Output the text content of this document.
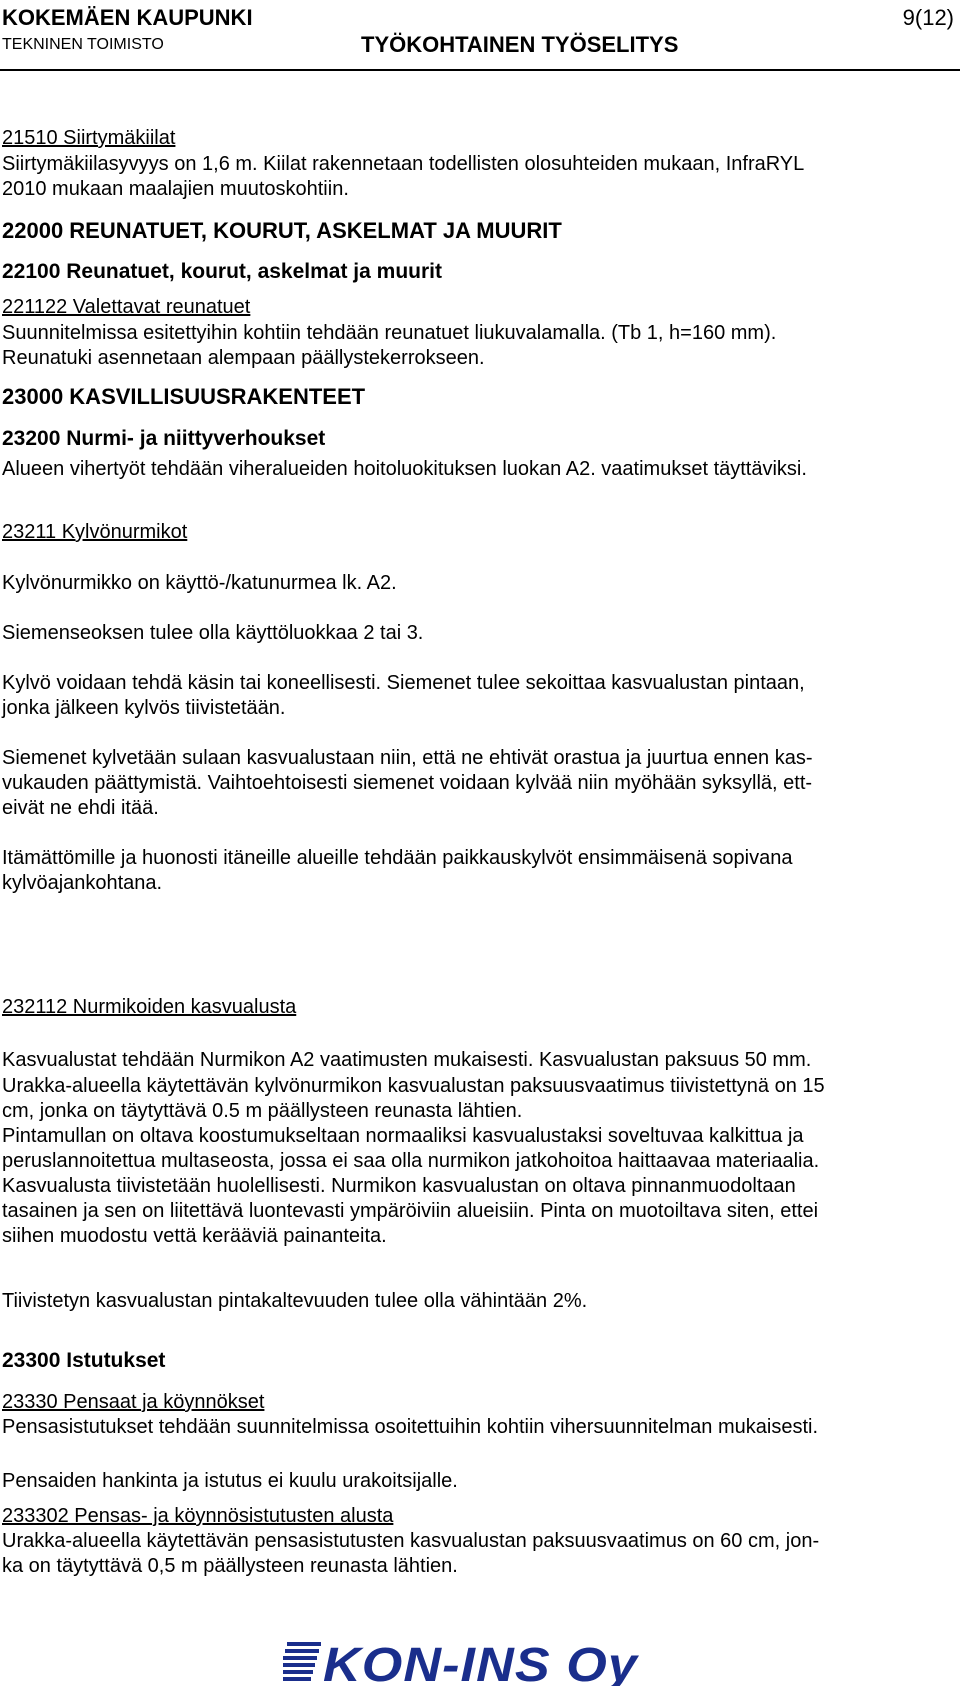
KOKEMÄEN KAUPUNKI	9(12)
TEKNINEN TOIMISTO	TYÖKOHTAINEN TYÖSELITYS
21510 Siirtymäkiilat
Siirtymäkiilasyvyys on 1,6 m. Kiilat rakennetaan todellisten olosuhteiden mukaan, InfraRYL
2010 mukaan maalajien muutoskohtiin.
22000 REUNATUET, KOURUT, ASKELMAT JA MUURIT
22100 Reunatuet, kourut, askelmat ja muurit
221122 Valettavat reunatuet
Suunnitelmissa esitettyihin kohtiin tehdään reunatuet liukuvalamalla. (Tb 1, h=160 mm).
Reunatuki asennetaan alempaan päällystekerrokseen.
23000 KASVILLISUUSRAKENTEET
23200 Nurmi- ja niittyverhoukset
Alueen vihertyöt tehdään viheralueiden hoitoluokituksen luokan A2. vaatimukset täyttäviksi.
23211 Kylvönurmikot
Kylvönurmikko on käyttö-/katunurmea lk. A2.
Siemenseoksen tulee olla käyttöluokkaa 2 tai 3.
Kylvö voidaan tehdä käsin tai koneellisesti. Siemenet tulee sekoittaa kasvualustan pintaan,
jonka jälkeen kylvös tiivistetään.
Siemenet kylvetään sulaan kasvualustaan niin, että ne ehtivät orastua ja juurtua ennen kas-
vukauden päättymistä. Vaihtoehtoisesti siemenet voidaan kylvää niin myöhään syksyllä, ett-
eivät ne ehdi itää.
Itämättömille ja huonosti itäneille alueille tehdään paikkauskylvöt ensimmäisenä sopivana
kylvöajankohtana.
232112 Nurmikoiden kasvualusta
Kasvualustat tehdään Nurmikon A2 vaatimusten mukaisesti. Kasvualustan paksuus 50 mm.
Urakka-alueella käytettävän kylvönurmikon kasvualustan paksuusvaatimus tiivistettynä on 15
cm, jonka on täytyttävä 0.5 m päällysteen reunasta lähtien.
Pintamullan on oltava koostumukseltaan normaaliksi kasvualustaksi soveltuvaa kalkittua ja
peruslannoitettua multaseosta, jossa ei saa olla nurmikon jatkohoitoa haittaavaa materiaalia.
Kasvualusta tiivistetään huolellisesti. Nurmikon kasvualustan on oltava pinnanmuodoltaan
tasainen ja sen on liitettävä luontevasti ympäröiviin alueisiin. Pinta on muotoiltava siten, ettei
siihen muodostu vettä kerääviä painanteita.
Tiivistetyn kasvualustan pintakaltevuuden tulee olla vähintään 2%.
23300 Istutukset
23330 Pensaat ja köynnökset
Pensasistutukset tehdään suunnitelmissa osoitettuihin kohtiin vihersuunnitelman mukaisesti.
Pensaiden hankinta ja istutus ei kuulu urakoitsijalle.
233302 Pensas- ja köynnösistutusten alusta
Urakka-alueella käytettävän pensasistutusten kasvualustan paksuusvaatimus on 60 cm, jon-
ka on täytyttävä 0,5 m päällysteen reunasta lähtien.
KON-INS Oy
